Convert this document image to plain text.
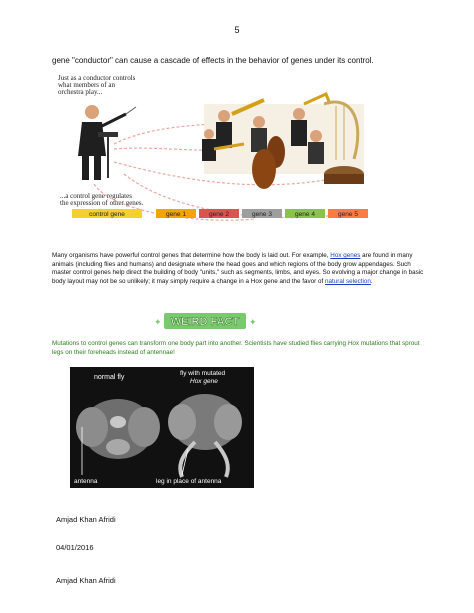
5
gene "conductor" can cause a cascade of effects in the behavior of genes under its control.
Just as a conductor controls
what members of an
orchestra play...
...a control gene regulates
the expression of other genes.
control gene	gene 1	gene 2	gene 3	gene 4	gene 5
Many organisms have powerful control genes that determine how the body is laid out. For example, Hox genes are found in many animals (including flies and humans) and designate where the head goes and which regions of the body grow appendages. Such master control genes help direct the building of body "units," such as segments, limbs, and eyes. So evolving a major change in basic body layout may not be so unlikely; it may simply require a change in a Hox gene and the favor of natural selection.
✦ WEIRD FACT ✦
Mutations to control genes can transform one body part into another. Scientists have studied flies carrying Hox mutations that sprout legs on their foreheads instead of antennae!
normal fly
fly with mutated
Hox gene
antenna	leg in place of antenna
Amjad Khan Afridi
04/01/2016
Amjad Khan Afridi
